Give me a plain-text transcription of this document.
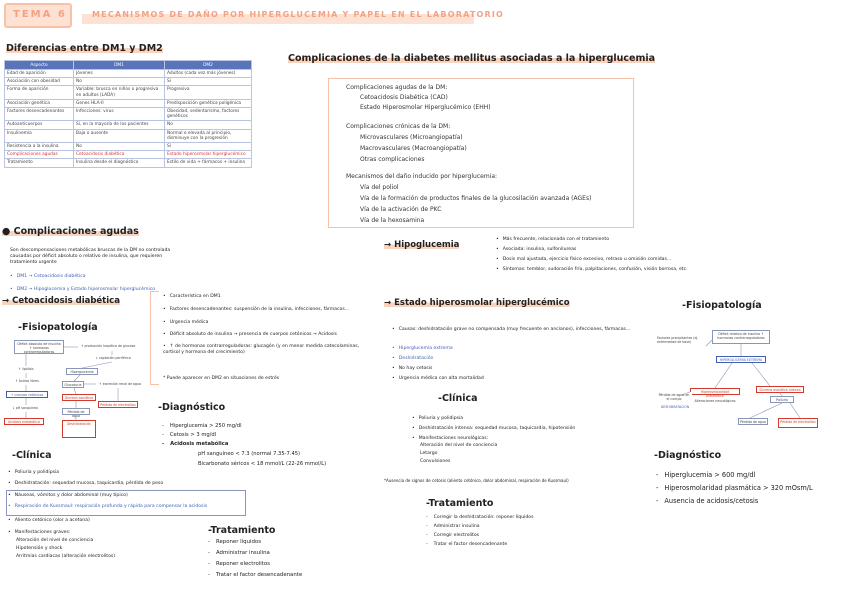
TEMA 6	MECANISMOS DE DAÑO POR HIPERGLUCEMIA Y PAPEL EN EL LABORATORIO
Diferencias entre DM1 y DM2
Aspecto	DM1	DM2
Edad de aparición	Jóvenes	Adultos (cada vez más jóvenes)
Asociación con obesidad	No	Sí
Forma de aparición	Variable: brusca en niños o progresiva en adultos (LADA)	Progresiva
Asociación genética	Genes HLA-II	Predisposición genética poligénica
Factores desencadenantes	Infecciones: virus	Obesidad, sedentarismo, factores genéticos
Autoanticuerpos	Sí, en la mayoría de los pacientes	No
Insulinemia	Baja o ausente	Normal o elevada al principio, disminuye con la progresión
Resistencia a la insulina	No	Sí
Complicaciones agudas	Cetoacidosis diabética	Estado hiperosmolar hiperglucémico
Tratamiento	Insulina desde el diagnóstico	Estilo de vida + fármacos + insulina
Complicaciones de la diabetes mellitus asociadas a la hiperglucemia
Complicaciones agudas de la DM:
Cetoacidosis Diabética (CAD)
Estado Hiperosmolar Hiperglucémico (EHH)
Complicaciones crónicas de la DM:
Microvasculares (Microangiopatía)
Macrovasculares (Macroangiopatía)
Otras complicaciones
Mecanismos del daño inducido por hiperglucemia:
Vía del poliol
Vía de la formación de productos finales de la glucosilación avanzada (AGEs)
Vía de la activación de PKC
Vía de la hexosamina
● Complicaciones agudas
Son descompensaciones metabólicas bruscas de la DM no controlada
causadas por déficit absoluto o relativo de insulina, que requieren
tratamiento urgente
• DM1 → Cetoacidosis diabética
• DM2 → Hipoglucemia y Estado hiperosmolar hiperglucémico
→ Hipoglucemia
• Más frecuente, relacionada con el tratamiento
• Asociada: insulina, sulfonilureas
• Dosis mal ajustada, ejercicio físico excesivo, retraso u omisión comidas...
• Síntomas: temblor, sudoración fría, palpitaciones, confusión, visión borrosa, etc.
→ Cetoacidosis diabética	• Característica en DM1
• Factores desencadenantes: suspensión de la insulina, infecciones, fármacos...
• Urgencia médica
• Déficit absoluto de insulina → presencia de cuerpos cetónicos → Acidosis
• ↑ de hormonas contrarreguladoras: glucagón (y en menor medida catecolaminas, cortisol y hormona del crecimiento)
* Puede aparecer en DM2 en situaciones de estrés
-Fisiopatología
Déficit absoluto de insulina ↑ hormonas contrarreguladoras
↑ producción hepática de glucosa
↓ captación periférica
↑ lipólisis
↑ Ácidos libres
↑ cuerpos cetónicos
↓ pH sanguíneo
Acidosis metabólica
Hiperglucemia
Glucosuria
Diuresis osmótica
↑ excreción renal de agua
Pérdida de electrolitos
Pérdida de agua
Deshidratación
-Diagnóstico
- Hiperglucemia > 250 mg/dl
- Cetosis > 3 mg/dl
- Acidosis metabólica
pH sanguíneo < 7.3 (normal 7.35-7.45)
Bicarbonato séricos < 18 mmol/L (22-26 mmol/L)
-Clínica
• Poliuria y polidipsia
• Deshidratación: sequedad mucosa, taquicardia, pérdida de peso
• Náuseas, vómitos y dolor abdominal (muy típico)
• Respiración de Kussmaul: respiración profunda y rápida para compensar la acidosis
• Aliento cetónico (olor a acetona)
• Manifestaciones graves:
Alteración del nivel de conciencia
Hipotensión y shock
Arritmias cardíacas (alteración electrolitos)
-Tratamiento
- Reponer líquidos
- Administrar insulina
- Reponer electrolitos
- Tratar el factor desencadenante
→ Estado hiperosmolar hiperglucémico
• Causas: deshidratación grave no compensada (muy frecuente en ancianos), infecciones, fármacos...
• Hiperglucemia extrema
• Deshidratación
• No hay cetosis
• Urgencia médica con alta mortalidad
-Clínica
• Poliuria y polidipsia
• Deshidratación intensa: sequedad mucosa, taquicardia, hipotensión
• Manifestaciones neurológicas:
Alteración del nivel de conciencia
Letargo
Convulsiones
*Ausencia de signos de cetosis (aliento cetónico, dolor abdominal, respiración de Kussmaul)
-Tratamiento
- Corregir la deshidratación: reponer líquidos
- Administrar insulina
- Corregir electrolitos
- Tratar el factor desencadenante
-Fisiopatología
Factores precipitantes (ej. enfermedad de base)
Déficit relativo de insulina ↑ hormonas contrarreguladoras
HIPERGLUCEMIA EXTREMA
Hiperosmolaridad plasmática
Alteraciones neurológicas
Diuresis osmótica intensa
Pérdida de agua en el cuerpo
DESHIDRATACIÓN
Poliuria
Pérdida de agua	Pérdida de electrolitos
-Diagnóstico
- Hiperglucemia > 600 mg/dl
- Hiperosmolaridad plasmática > 320 mOsm/L
- Ausencia de acidosis/cetosis
